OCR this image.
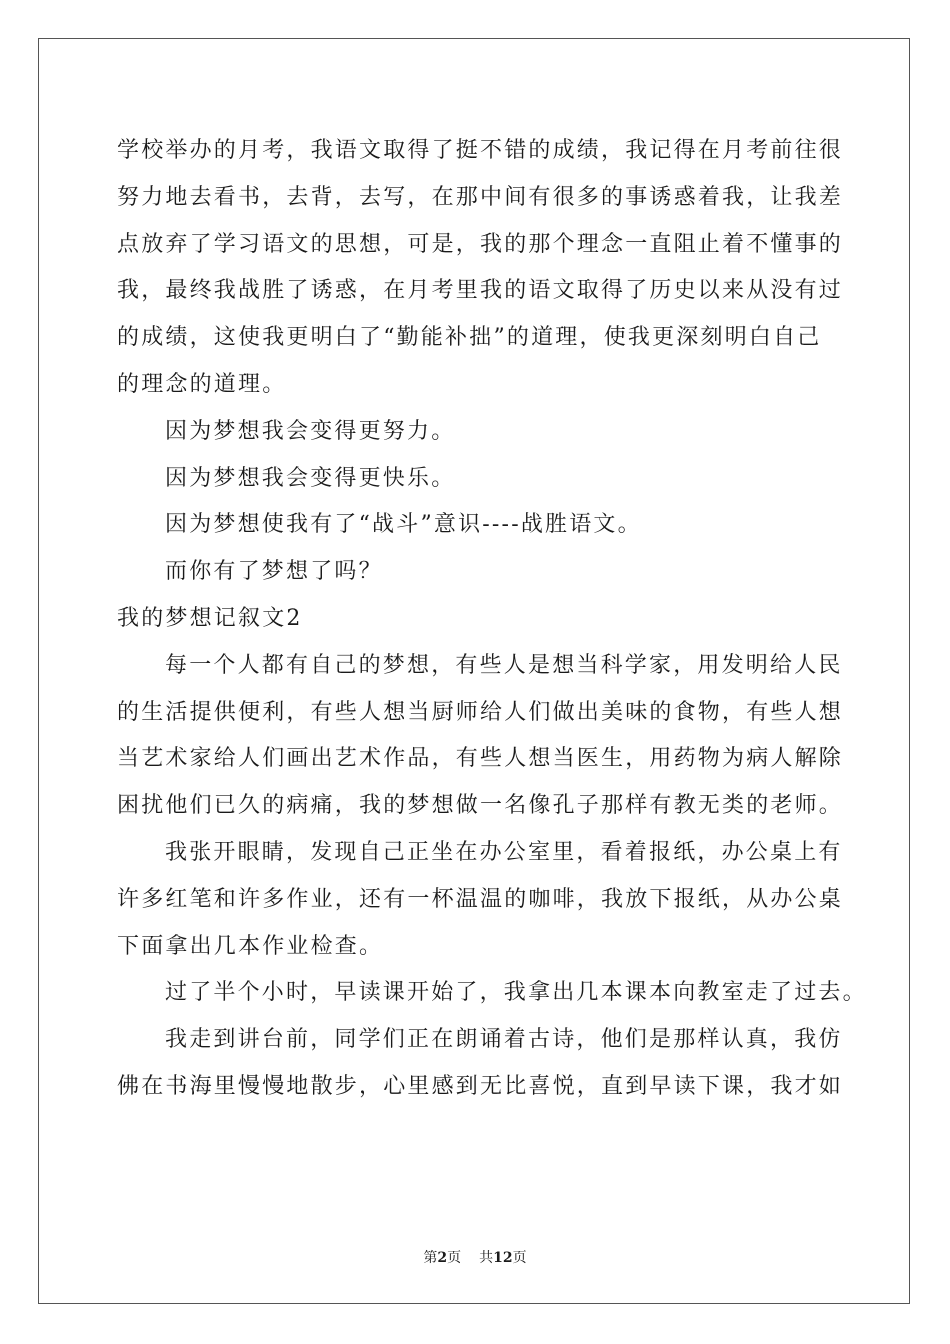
学校举办的月考，我语文取得了挺不错的成绩，我记得在月考前往很
努力地去看书，去背，去写，在那中间有很多的事诱惑着我，让我差
点放弃了学习语文的思想，可是，我的那个理念一直阻止着不懂事的
我，最终我战胜了诱惑，在月考里我的语文取得了历史以来从没有过
的成绩，这使我更明白了“勤能补拙”的道理，使我更深刻明白自己
的理念的道理。
因为梦想我会变得更努力。
因为梦想我会变得更快乐。
因为梦想使我有了“战斗”意识----战胜语文。
而你有了梦想了吗？
我的梦想记叙文2
每一个人都有自己的梦想，有些人是想当科学家，用发明给人民
的生活提供便利，有些人想当厨师给人们做出美味的食物，有些人想
当艺术家给人们画出艺术作品，有些人想当医生，用药物为病人解除
困扰他们已久的病痛，我的梦想做一名像孔子那样有教无类的老师。
我张开眼睛，发现自己正坐在办公室里，看着报纸，办公桌上有
许多红笔和许多作业，还有一杯温温的咖啡，我放下报纸，从办公桌
下面拿出几本作业检查。
过了半个小时，早读课开始了，我拿出几本课本向教室走了过去。
我走到讲台前，同学们正在朗诵着古诗，他们是那样认真，我仿
佛在书海里慢慢地散步，心里感到无比喜悦，直到早读下课，我才如
第2页 共12页
